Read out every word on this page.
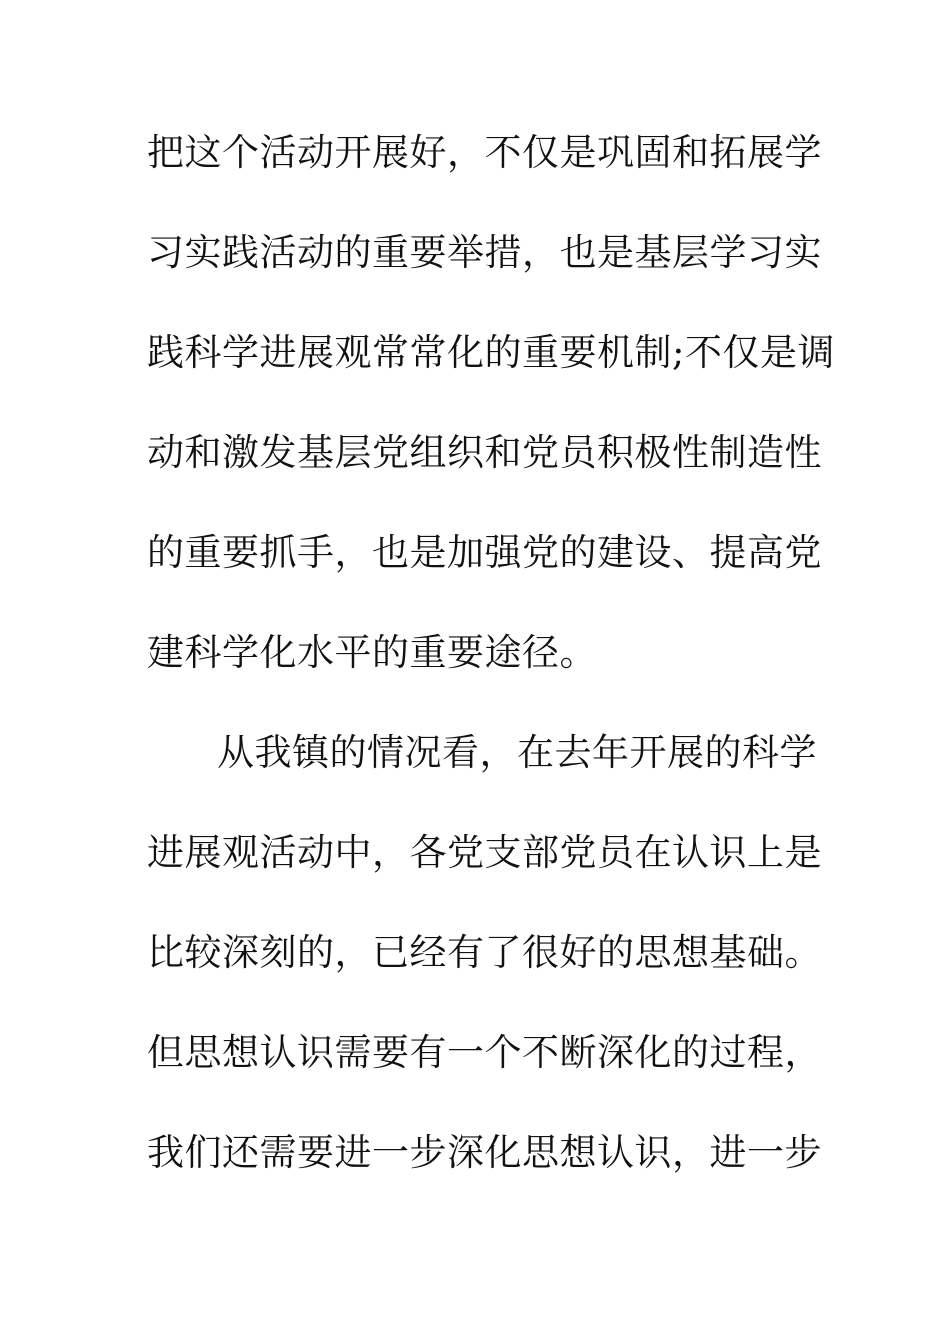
把这个活动开展好，不仅是巩固和拓展学
习实践活动的重要举措，也是基层学习实
践科学进展观常常化的重要机制;不仅是调
动和激发基层党组织和党员积极性制造性
的重要抓手，也是加强党的建设、提高党
建科学化水平的重要途径。
从我镇的情况看，在去年开展的科学
进展观活动中，各党支部党员在认识上是
比较深刻的，已经有了很好的思想基础。
但思想认识需要有一个不断深化的过程，
我们还需要进一步深化思想认识，进一步
